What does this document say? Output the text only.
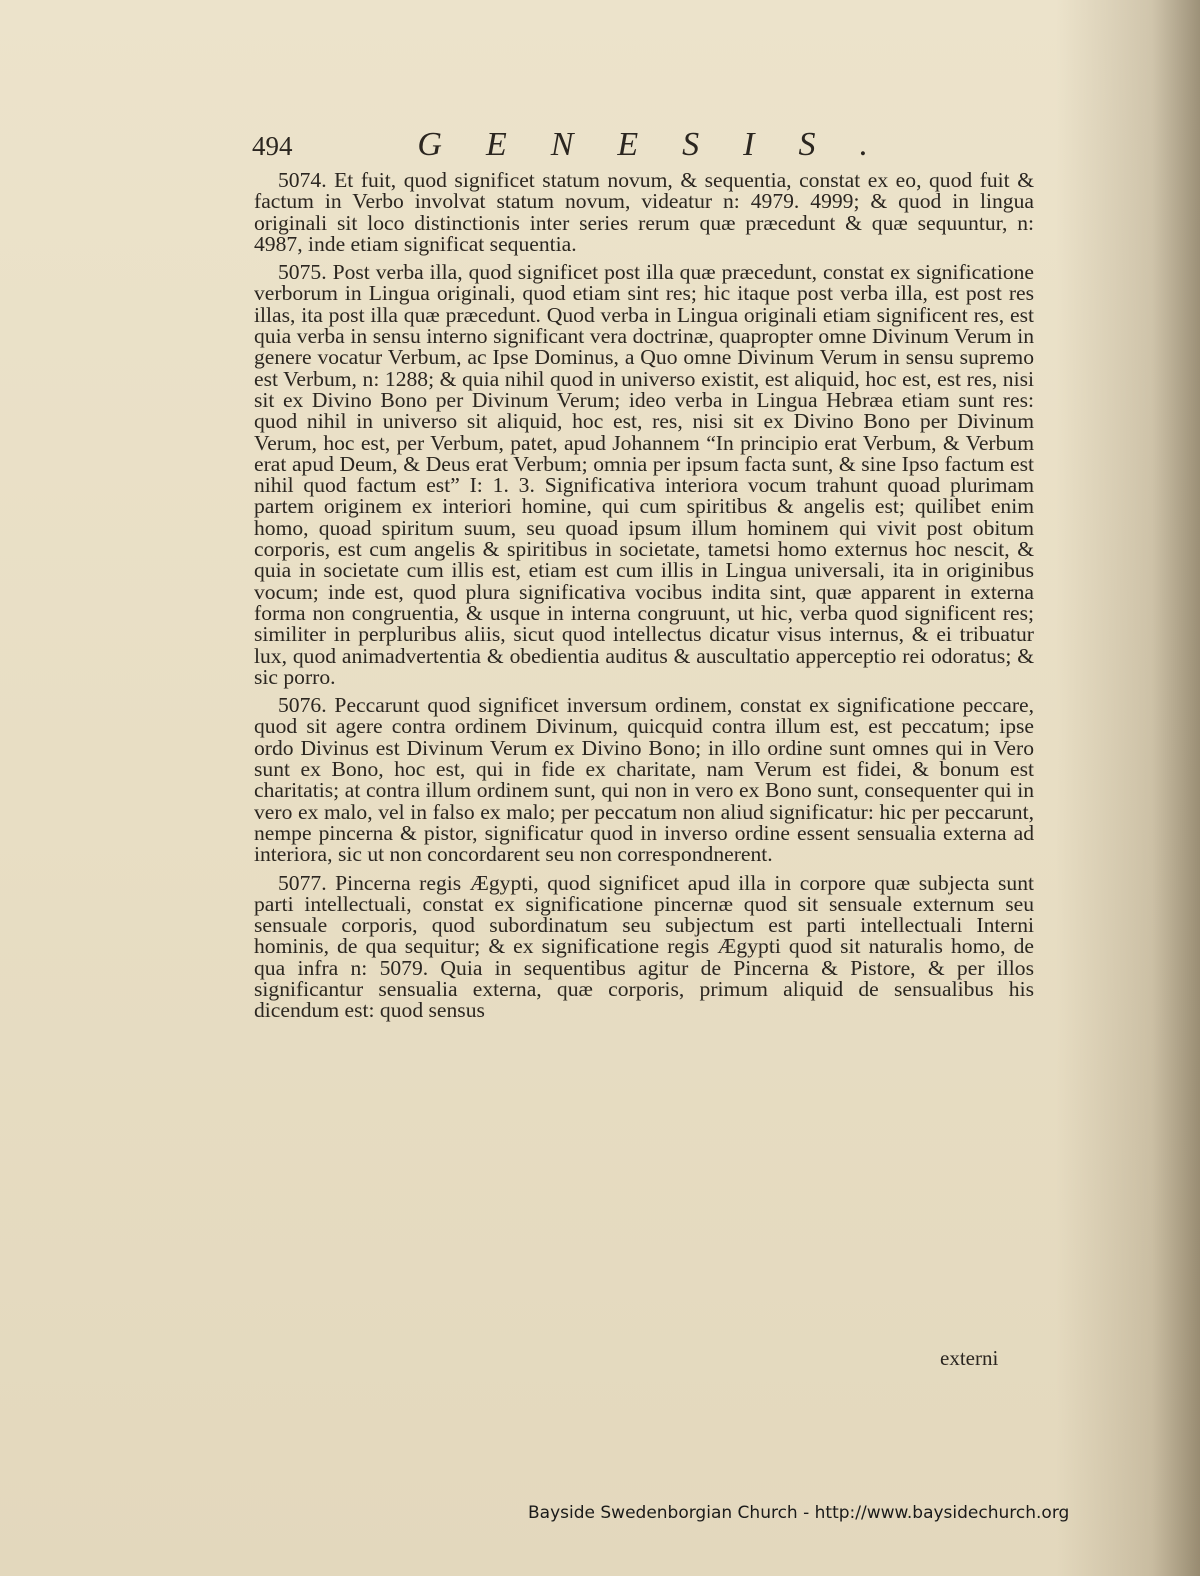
494	GENESIS.

5074. Et fuit, quod significet statum novum, & sequentia, constat ex eo, quod fuit & factum in Verbo involvat statum novum, videatur n: 4979. 4999; & quod in lingua originali sit loco distinctionis inter series rerum quæ præcedunt & quæ sequuntur, n: 4987, inde etiam significat sequentia.

5075. Post verba illa, quod significet post illa quæ præcedunt, constat ex significatione verborum in Lingua originali, quod etiam sint res; hic itaque post verba illa, est post res illas, ita post illa quæ præcedunt. Quod verba in Lingua originali etiam significent res, est quia verba in sensu interno significant vera doctrinæ, quapropter omne Divinum Verum in genere vocatur Verbum, ac Ipse Dominus, a Quo omne Divinum Verum in sensu supremo est Verbum, n: 1288; & quia nihil quod in universo existit, est aliquid, hoc est, est res, nisi sit ex Divino Bono per Divinum Verum; ideo verba in Lingua Hebræa etiam sunt res: quod nihil in universo sit aliquid, hoc est, res, nisi sit ex Divino Bono per Divinum Verum, hoc est, per Verbum, patet, apud Johannem “In principio erat Verbum, & Verbum erat apud Deum, & Deus erat Verbum; omnia per ipsum facta sunt, & sine Ipso factum est nihil quod factum est” I: 1. 3. Significativa interiora vocum trahunt quoad plurimam partem originem ex interiori homine, qui cum spiritibus & angelis est; quilibet enim homo, quoad spiritum suum, seu quoad ipsum illum hominem qui vivit post obitum corporis, est cum angelis & spiritibus in societate, tametsi homo externus hoc nescit, & quia in societate cum illis est, etiam est cum illis in Lingua universali, ita in originibus vocum; inde est, quod plura significativa vocibus indita sint, quæ apparent in externa forma non congruentia, & usque in interna congruunt, ut hic, verba quod significent res; similiter in perpluribus aliis, sicut quod intellectus dicatur visus internus, & ei tribuatur lux, quod animadvertentia & obedientia auditus & auscultatio apperceptio rei odoratus; & sic porro.

5076. Peccarunt quod significet inversum ordinem, constat ex significatione peccare, quod sit agere contra ordinem Divinum, quicquid contra illum est, est peccatum; ipse ordo Divinus est Divinum Verum ex Divino Bono; in illo ordine sunt omnes qui in Vero sunt ex Bono, hoc est, qui in fide ex charitate, nam Verum est fidei, & bonum est charitatis; at contra illum ordinem sunt, qui non in vero ex Bono sunt, consequenter qui in vero ex malo, vel in falso ex malo; per peccatum non aliud significatur: hic per peccarunt, nempe pincerna & pistor, significatur quod in inverso ordine essent sensualia externa ad interiora, sic ut non concordarent seu non correspondnerent.

5077. Pincerna regis Ægypti, quod significet apud illa in corpore quæ subjecta sunt parti intellectuali, constat ex significatione pincernæ quod sit sensuale externum seu sensuale corporis, quod subordinatum seu subjectum est parti intellectuali Interni hominis, de qua sequitur; & ex significatione regis Ægypti quod sit naturalis homo, de qua infra n: 5079. Quia in sequentibus agitur de Pincerna & Pistore, & per illos significantur sensualia externa, quæ corporis, primum aliquid de sensualibus his dicendum est: quod sensus

externi
Bayside Swedenborgian Church - http://www.baysidechurch.org
